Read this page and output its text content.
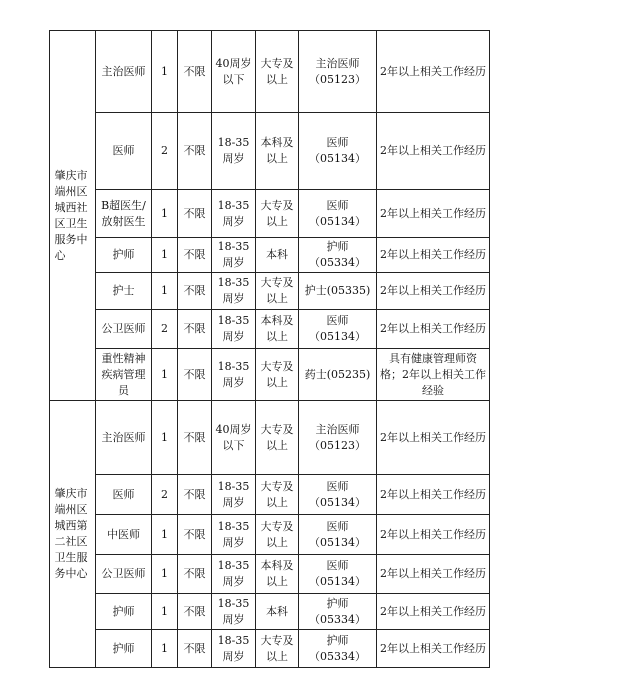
肇庆市端州区城西社区卫生服务中心	主治医师	1	不限	40周岁以下	大专及以上	主治医师（05123）	2年以上相关工作经历
	医师	2	不限	18-35周岁	本科及以上	医师（05134）	2年以上相关工作经历
	B超医生/放射医生	1	不限	18-35周岁	大专及以上	医师（05134）	2年以上相关工作经历
	护师	1	不限	18-35周岁	本科	护师（05334）	2年以上相关工作经历
	护士	1	不限	18-35周岁	大专及以上	护士(05335)	2年以上相关工作经历
	公卫医师	2	不限	18-35周岁	本科及以上	医师（05134）	2年以上相关工作经历
	重性精神疾病管理员	1	不限	18-35周岁	大专及以上	药士(05235)	具有健康管理师资格；2年以上相关工作经验

肇庆市端州区城西第二社区卫生服务中心	主治医师	1	不限	40周岁以下	大专及以上	主治医师（05123）	2年以上相关工作经历
	医师	2	不限	18-35周岁	大专及以上	医师（05134）	2年以上相关工作经历
	中医师	1	不限	18-35周岁	大专及以上	医师（05134）	2年以上相关工作经历
	公卫医师	1	不限	18-35周岁	本科及以上	医师（05134）	2年以上相关工作经历
	护师	1	不限	18-35周岁	本科	护师（05334）	2年以上相关工作经历
	护师	1	不限	18-35周岁	大专及以上	护师（05334）	2年以上相关工作经历
